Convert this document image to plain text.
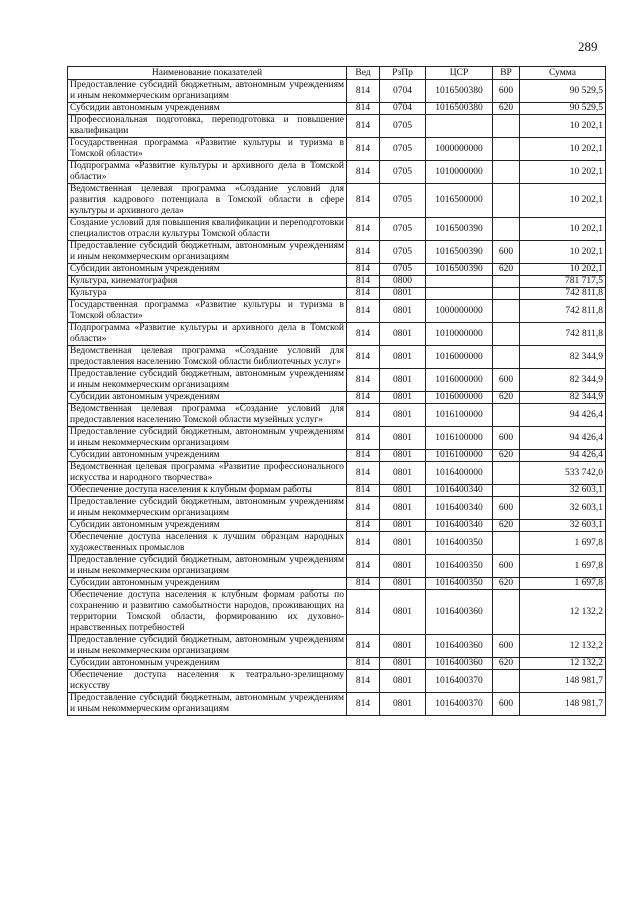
289
Наименование показателей	Вед	РзПр	ЦСР	ВР	Сумма
Предоставление субсидий бюджетным, автономным учреждениям и иным некоммерческим организациям	814	0704	1016500380	600	90 529,5
Субсидии автономным учреждениям	814	0704	1016500380	620	90 529,5
Профессиональная подготовка, переподготовка и повышение квалификации	814	0705			10 202,1
Государственная программа «Развитие культуры и туризма в Томской области»	814	0705	1000000000		10 202,1
Подпрограмма «Развитие культуры и архивного дела в Томской области»	814	0705	1010000000		10 202,1
Ведомственная целевая программа «Создание условий для развития кадрового потенциала в Томской области в сфере культуры и архивного дела»	814	0705	1016500000		10 202,1
Создание условий для повышения квалификации и переподготовки специалистов отрасли культуры Томской области	814	0705	1016500390		10 202,1
Предоставление субсидий бюджетным, автономным учреждениям и иным некоммерческим организациям	814	0705	1016500390	600	10 202,1
Субсидии автономным учреждениям	814	0705	1016500390	620	10 202,1
Культура, кинематография	814	0800			781 717,5
Культура	814	0801			742 811,8
Государственная программа «Развитие культуры и туризма в Томской области»	814	0801	1000000000		742 811,8
Подпрограмма «Развитие культуры и архивного дела в Томской области»	814	0801	1010000000		742 811,8
Ведомственная целевая программа «Создание условий для предоставления населению Томской области библиотечных услуг»	814	0801	1016000000		82 344,9
Предоставление субсидий бюджетным, автономным учреждениям и иным некоммерческим организациям	814	0801	1016000000	600	82 344,9
Субсидии автономным учреждениям	814	0801	1016000000	620	82 344,9
Ведомственная целевая программа «Создание условий для предоставления населению Томской области музейных услуг»	814	0801	1016100000		94 426,4
Предоставление субсидий бюджетным, автономным учреждениям и иным некоммерческим организациям	814	0801	1016100000	600	94 426,4
Субсидии автономным учреждениям	814	0801	1016100000	620	94 426,4
Ведомственная целевая программа «Развитие профессионального искусства и народного творчества»	814	0801	1016400000		533 742,0
Обеспечение доступа населения к клубным формам работы	814	0801	1016400340		32 603,1
Предоставление субсидий бюджетным, автономным учреждениям и иным некоммерческим организациям	814	0801	1016400340	600	32 603,1
Субсидии автономным учреждениям	814	0801	1016400340	620	32 603,1
Обеспечение доступа населения к лучшим образцам народных художественных промыслов	814	0801	1016400350		1 697,8
Предоставление субсидий бюджетным, автономным учреждениям и иным некоммерческим организациям	814	0801	1016400350	600	1 697,8
Субсидии автономным учреждениям	814	0801	1016400350	620	1 697,8
Обеспечение доступа населения к клубным формам работы по сохранению и развитию самобытности народов, проживающих на территории Томской области, формированию их духовно-нравственных потребностей	814	0801	1016400360		12 132,2
Предоставление субсидий бюджетным, автономным учреждениям и иным некоммерческим организациям	814	0801	1016400360	600	12 132,2
Субсидии автономным учреждениям	814	0801	1016400360	620	12 132,2
Обеспечение доступа населения к театрально-зрелищному искусству	814	0801	1016400370		148 981,7
Предоставление субсидий бюджетным, автономным учреждениям и иным некоммерческим организациям	814	0801	1016400370	600	148 981,7
